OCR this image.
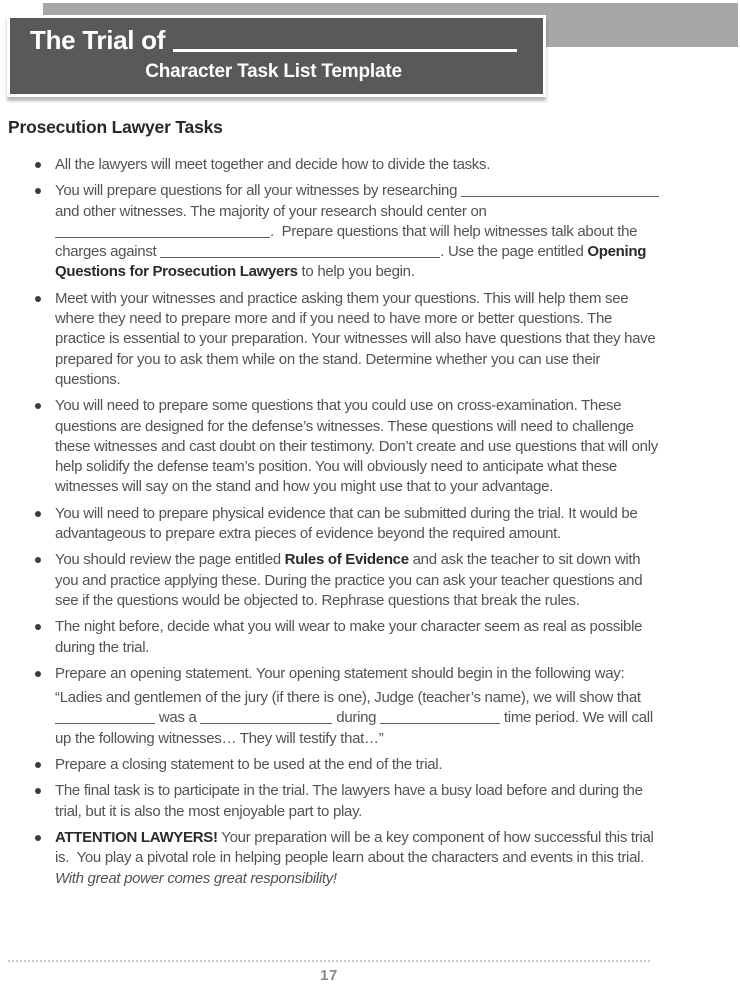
The Trial of
Character Task List Template
Prosecution Lawyer Tasks

All the lawyers will meet together and decide how to divide the tasks.

You will prepare questions for all your witnesses by researching  and other witnesses. The majority of your research should center on .  Prepare questions that will help witnesses talk about the charges against	. Use the page entitled Opening Questions for Prosecution Lawyers to help you begin.

Meet with your witnesses and practice asking them your questions. This will help them see where they need to prepare more and if you need to have more or better questions. The practice is essential to your preparation. Your witnesses will also have questions that they have prepared for you to ask them while on the stand. Determine whether you can use their questions.

You will need to prepare some questions that you could use on cross-examination. These questions are designed for the defense’s witnesses. These questions will need to challenge these witnesses and cast doubt on their testimony. Don’t create and use questions that will only help solidify the defense team’s position. You will obviously need to anticipate what these witnesses will say on the stand and how you might use that to your advantage.

You will need to prepare physical evidence that can be submitted during the trial. It would be advantageous to prepare extra pieces of evidence beyond the required amount.

You should review the page entitled Rules of Evidence and ask the teacher to sit down with you and practice applying these. During the practice you can ask your teacher questions and see if the questions would be objected to. Rephrase questions that break the rules.

The night before, decide what you will wear to make your character seem as real as possible during the trial.

Prepare an opening statement. Your opening statement should begin in the following way:

“Ladies and gentlemen of the jury (if there is one), Judge (teacher’s name), we will show that  was a	during	time period. We will call up the following witnesses… They will testify that…”

Prepare a closing statement to be used at the end of the trial.

The final task is to participate in the trial. The lawyers have a busy load before and during the trial, but it is also the most enjoyable part to play.

ATTENTION LAWYERS! Your preparation will be a key component of how successful this trial is.  You play a pivotal role in helping people learn about the characters and events in this trial. With great power comes great responsibility!

17
